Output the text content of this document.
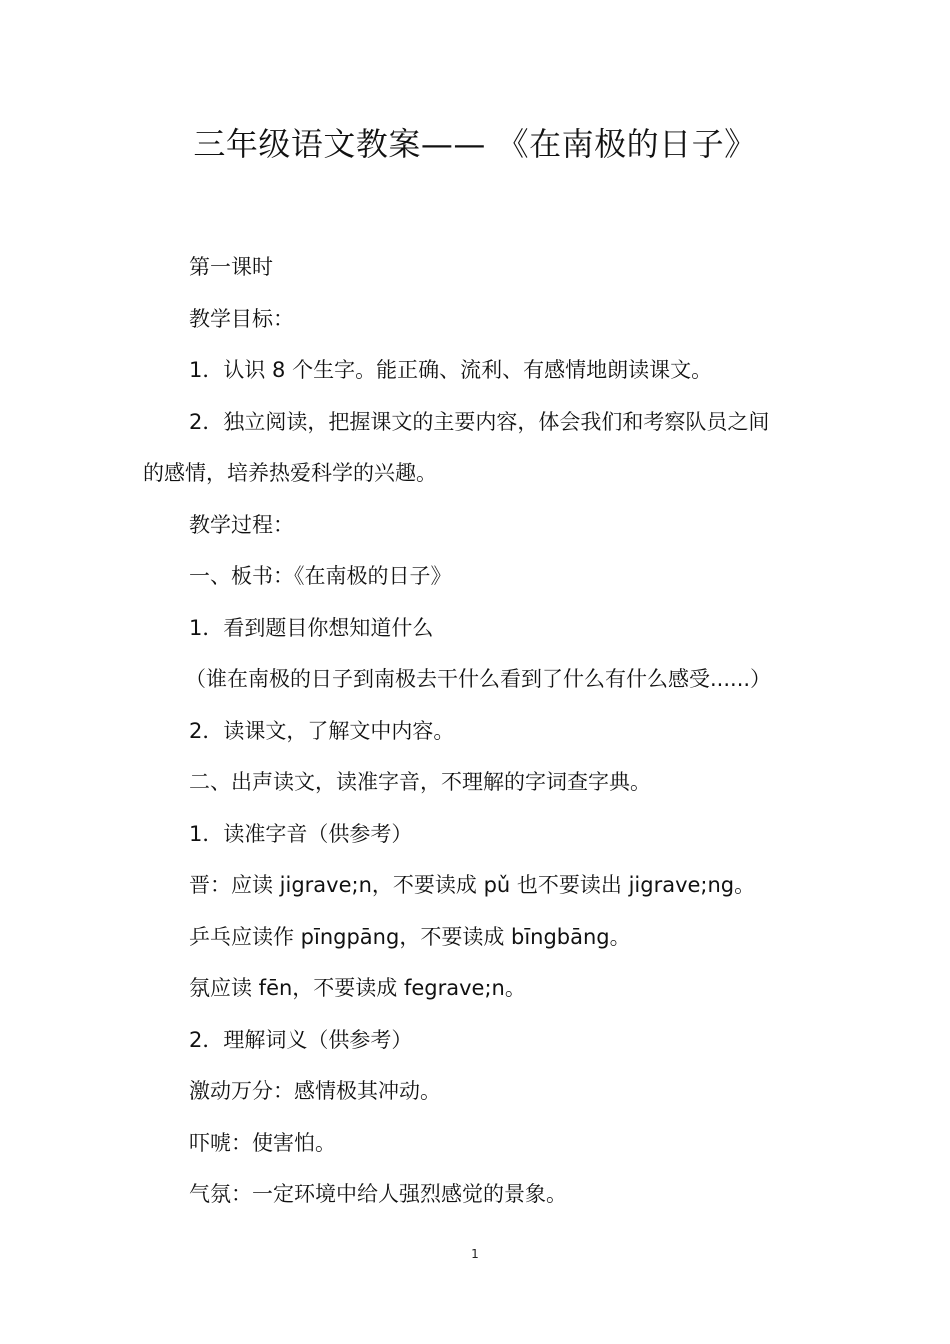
三年级语文教案—— 《在南极的日子》
第一课时
教学目标：
1．认识 8 个生字。能正确、流利、有感情地朗读课文。
2．独立阅读，把握课文的主要内容，体会我们和考察队员之间
的感情，培养热爱科学的兴趣。
教学过程：
一、板书：《在南极的日子》
1．看到题目你想知道什么
（谁在南极的日子到南极去干什么看到了什么有什么感受......）
2．读课文，了解文中内容。
二、出声读文，读准字音，不理解的字词查字典。
1．读准字音（供参考）
晋：应读 jigrave;n，不要读成 pǔ 也不要读出 jigrave;ng。
乒乓应读作 pīngpāng，不要读成 bīngbāng。
氛应读 fēn，不要读成 fegrave;n。
2．理解词义（供参考）
激动万分：感情极其冲动。
吓唬：使害怕。
气氛：一定环境中给人强烈感觉的景象。
1
